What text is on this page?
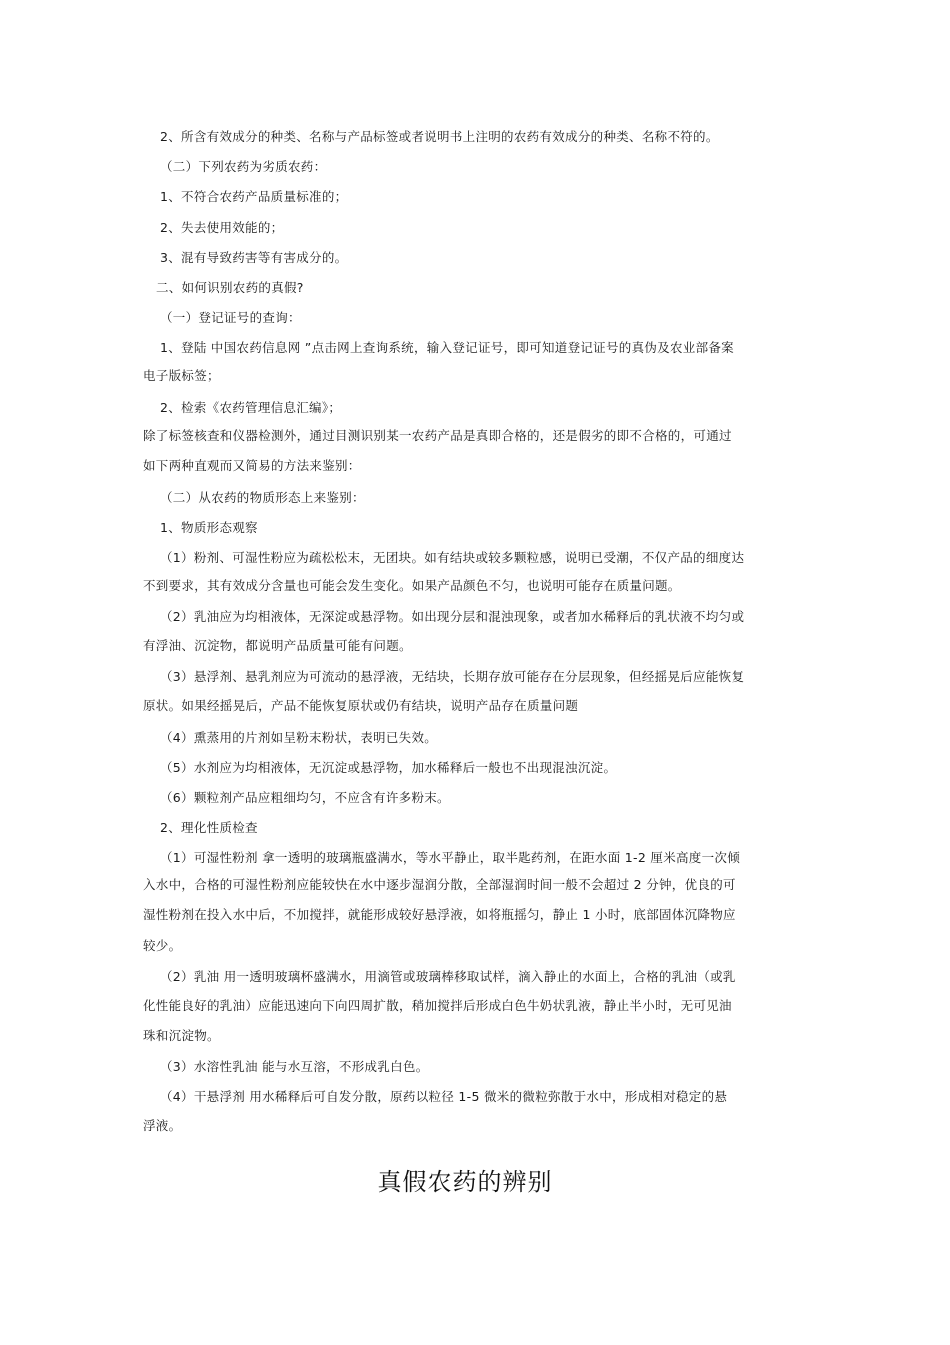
2、所含有效成分的种类、名称与产品标签或者说明书上注明的农药有效成分的种类、名称不符的。
（二）下列农药为劣质农药：
1、不符合农药产品质量标准的；
2、失去使用效能的；
3、混有导致药害等有害成分的。
二、如何识别农药的真假?
（一）登记证号的查询：
1、登陆 中国农药信息网 ”点击网上查询系统，输入登记证号，即可知道登记证号的真伪及农业部备案
电子版标签；
2、检索《农药管理信息汇编》；
除了标签核查和仪器检测外，通过目测识别某一农药产品是真即合格的，还是假劣的即不合格的，可通过
如下两种直观而又简易的方法来鉴别：
（二）从农药的物质形态上来鉴别：
1、物质形态观察
（1）粉剂、可湿性粉应为疏松松末，无团块。如有结块或较多颗粒感，说明已受潮，不仅产品的细度达
不到要求，其有效成分含量也可能会发生变化。如果产品颜色不匀，也说明可能存在质量问题。
（2）乳油应为均相液体，无深淀或悬浮物。如出现分层和混浊现象，或者加水稀释后的乳状液不均匀或
有浮油、沉淀物，都说明产品质量可能有问题。
（3）悬浮剂、悬乳剂应为可流动的悬浮液，无结块，长期存放可能存在分层现象，但经摇晃后应能恢复
原状。如果经摇晃后，产品不能恢复原状或仍有结块，说明产品存在质量问题
（4）熏蒸用的片剂如呈粉末粉状，表明已失效。
（5）水剂应为均相液体，无沉淀或悬浮物，加水稀释后一般也不出现混浊沉淀。
（6）颗粒剂产品应粗细均匀，不应含有许多粉末。
2、理化性质检查
（1）可湿性粉剂 拿一透明的玻璃瓶盛满水，等水平静止，取半匙药剂，在距水面 1-2 厘米高度一次倾
入水中，合格的可湿性粉剂应能较快在水中逐步湿润分散，全部湿润时间一般不会超过 2 分钟，优良的可
湿性粉剂在投入水中后，不加搅拌，就能形成较好悬浮液，如将瓶摇匀，静止 1 小时，底部固体沉降物应
较少。
（2）乳油 用一透明玻璃杯盛满水，用滴管或玻璃棒移取试样，滴入静止的水面上，合格的乳油（或乳
化性能良好的乳油）应能迅速向下向四周扩散，稍加搅拌后形成白色牛奶状乳液，静止半小时，无可见油
珠和沉淀物。
（3）水溶性乳油 能与水互溶，不形成乳白色。
（4）干悬浮剂 用水稀释后可自发分散，原药以粒径 1-5 微米的微粒弥散于水中，形成相对稳定的悬
浮液。
真假农药的辨别
